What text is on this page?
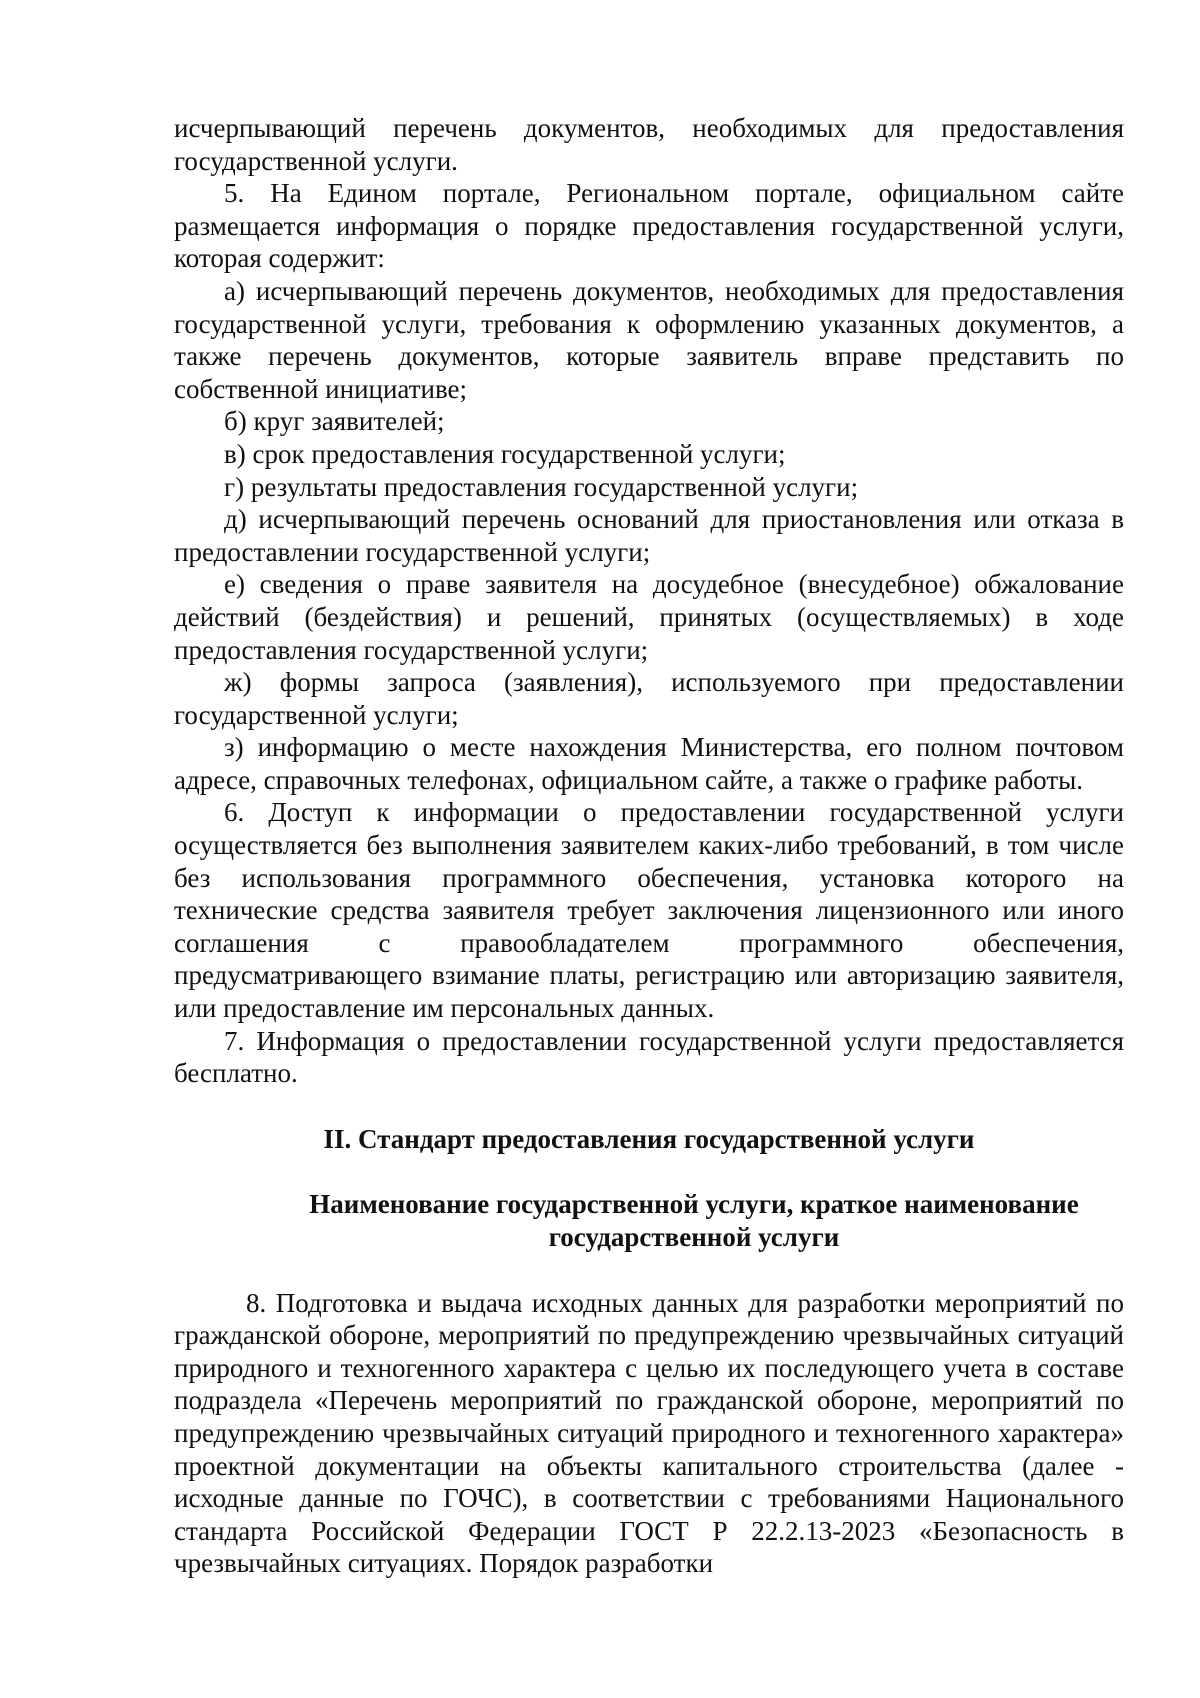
исчерпывающий перечень документов, необходимых для предоставления государственной услуги.

5. На Едином портале, Региональном портале, официальном сайте размещается информация о порядке предоставления государственной услуги, которая содержит:

а) исчерпывающий перечень документов, необходимых для предоставления государственной услуги, требования к оформлению указанных документов, а также перечень документов, которые заявитель вправе представить по собственной инициативе;

б) круг заявителей;

в) срок предоставления государственной услуги;

г) результаты предоставления государственной услуги;

д) исчерпывающий перечень оснований для приостановления или отказа в предоставлении государственной услуги;

е) сведения о праве заявителя на досудебное (внесудебное) обжалование действий (бездействия) и решений, принятых (осуществляемых) в ходе предоставления государственной услуги;

ж) формы запроса (заявления), используемого при предоставлении государственной услуги;

з) информацию о месте нахождения Министерства, его полном почтовом адресе, справочных телефонах, официальном сайте, а также о графике работы.

6. Доступ к информации о предоставлении государственной услуги осуществляется без выполнения заявителем каких-либо требований, в том числе без использования программного обеспечения, установка которого на технические средства заявителя требует заключения лицензионного или иного соглашения с правообладателем программного обеспечения, предусматривающего взимание платы, регистрацию или авторизацию заявителя, или предоставление им персональных данных.

7. Информация о предоставлении государственной услуги предоставляется бесплатно.

II. Стандарт предоставления государственной услуги

Наименование государственной услуги, краткое наименование государственной услуги

8. Подготовка и выдача исходных данных для разработки мероприятий по гражданской обороне, мероприятий по предупреждению чрезвычайных ситуаций природного и техногенного характера с целью их последующего учета в составе подраздела «Перечень мероприятий по гражданской обороне, мероприятий по предупреждению чрезвычайных ситуаций природного и техногенного характера» проектной документации на объекты капитального строительства (далее - исходные данные по ГОЧС), в соответствии с требованиями Национального стандарта Российской Федерации ГОСТ Р 22.2.13-2023 «Безопасность в чрезвычайных ситуациях. Порядок разработки
